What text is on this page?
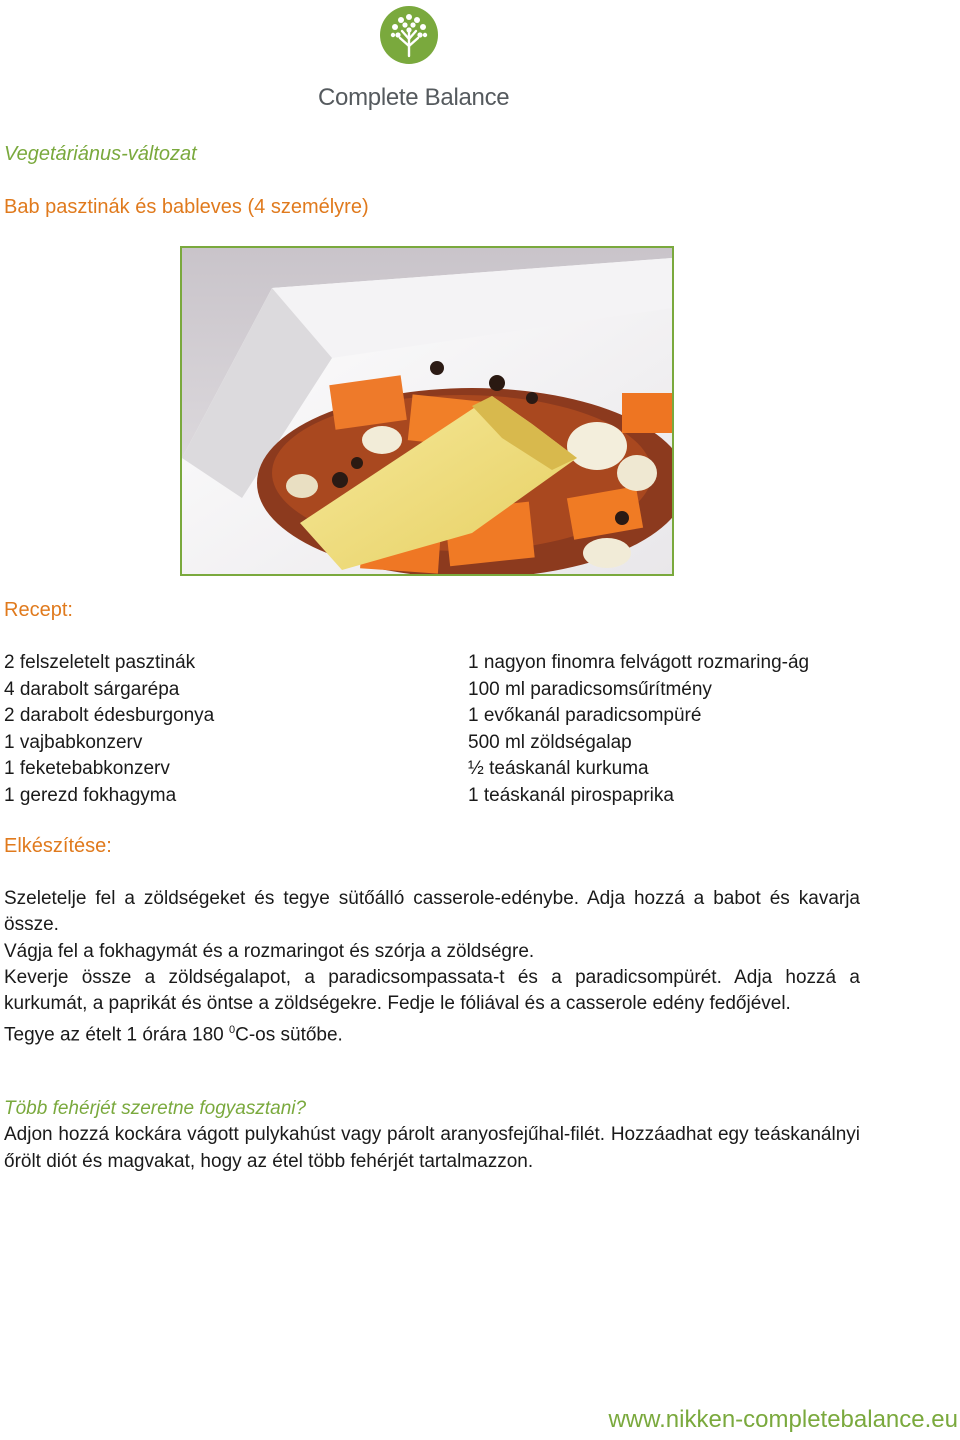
Complete Balance
Vegetáriánus-változat
Bab pasztinák és bableves (4 személyre)
Recept:
2 felszeletelt pasztinák
4 darabolt sárgarépa
2 darabolt édesburgonya
1 vajbabkonzerv
1 feketebabkonzerv
1 gerezd fokhagyma
1 nagyon finomra felvágott rozmaring-ág
100 ml paradicsomsűrítmény
1 evőkanál paradicsompüré
500 ml zöldségalap
½ teáskanál kurkuma
1 teáskanál pirospaprika
Elkészítése:

Szeletelje fel a zöldségeket és tegye sütőálló casserole-edénybe. Adja hozzá a babot és kavarja össze.

Vágja fel a fokhagymát és a rozmaringot és szórja a zöldségre.

Keverje össze a zöldségalapot, a paradicsompassata-t és a paradicsompürét. Adja hozzá a kurkumát, a paprikát és öntse a zöldségekre. Fedje le fóliával és a casserole edény fedőjével.

Tegye az ételt 1 órára 180 $^0$C-os sütőbe.

Több fehérjét szeretne fogyasztani?

Adjon hozzá kockára vágott pulykahúst vagy párolt aranyosfejűhal-filét. Hozzáadhat egy teáskanálnyi őrölt diót és magvakat, hogy az étel több fehérjét tartalmazzon.

www.nikken-completebalance.eu
